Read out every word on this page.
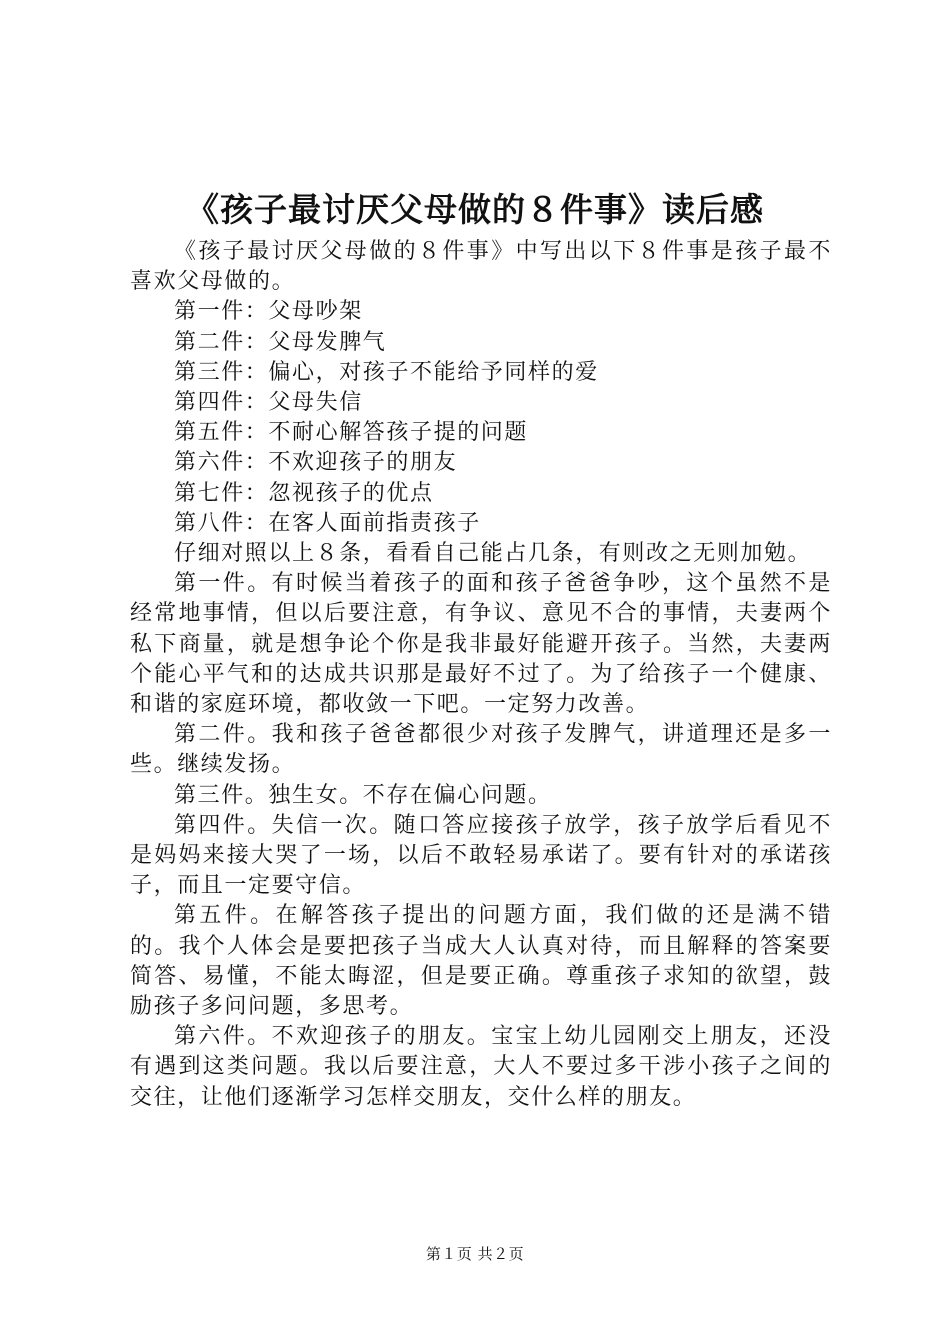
《孩子最讨厌父母做的８件事》读后感

《孩子最讨厌父母做的８件事》中写出以下８件事是孩子最不喜欢父母做的。

第一件：父母吵架

第二件：父母发脾气

第三件：偏心，对孩子不能给予同样的爱

第四件：父母失信

第五件：不耐心解答孩子提的问题

第六件：不欢迎孩子的朋友

第七件：忽视孩子的优点

第八件：在客人面前指责孩子

仔细对照以上８条，看看自己能占几条，有则改之无则加勉。

第一件。有时候当着孩子的面和孩子爸爸争吵，这个虽然不是经常地事情，但以后要注意，有争议、意见不合的事情，夫妻两个私下商量，就是想争论个你是我非最好能避开孩子。当然，夫妻两个能心平气和的达成共识那是最好不过了。为了给孩子一个健康、和谐的家庭环境，都收敛一下吧。一定努力改善。

第二件。我和孩子爸爸都很少对孩子发脾气，讲道理还是多一些。继续发扬。

第三件。独生女。不存在偏心问题。

第四件。失信一次。随口答应接孩子放学，孩子放学后看见不是妈妈来接大哭了一场，以后不敢轻易承诺了。要有针对的承诺孩子，而且一定要守信。

第五件。在解答孩子提出的问题方面，我们做的还是满不错的。我个人体会是要把孩子当成大人认真对待，而且解释的答案要简答、易懂，不能太晦涩，但是要正确。尊重孩子求知的欲望，鼓励孩子多问问题，多思考。

第六件。不欢迎孩子的朋友。宝宝上幼儿园刚交上朋友，还没有遇到这类问题。我以后要注意，大人不要过多干涉小孩子之间的交往，让他们逐渐学习怎样交朋友，交什么样的朋友。

第１页 共２页
